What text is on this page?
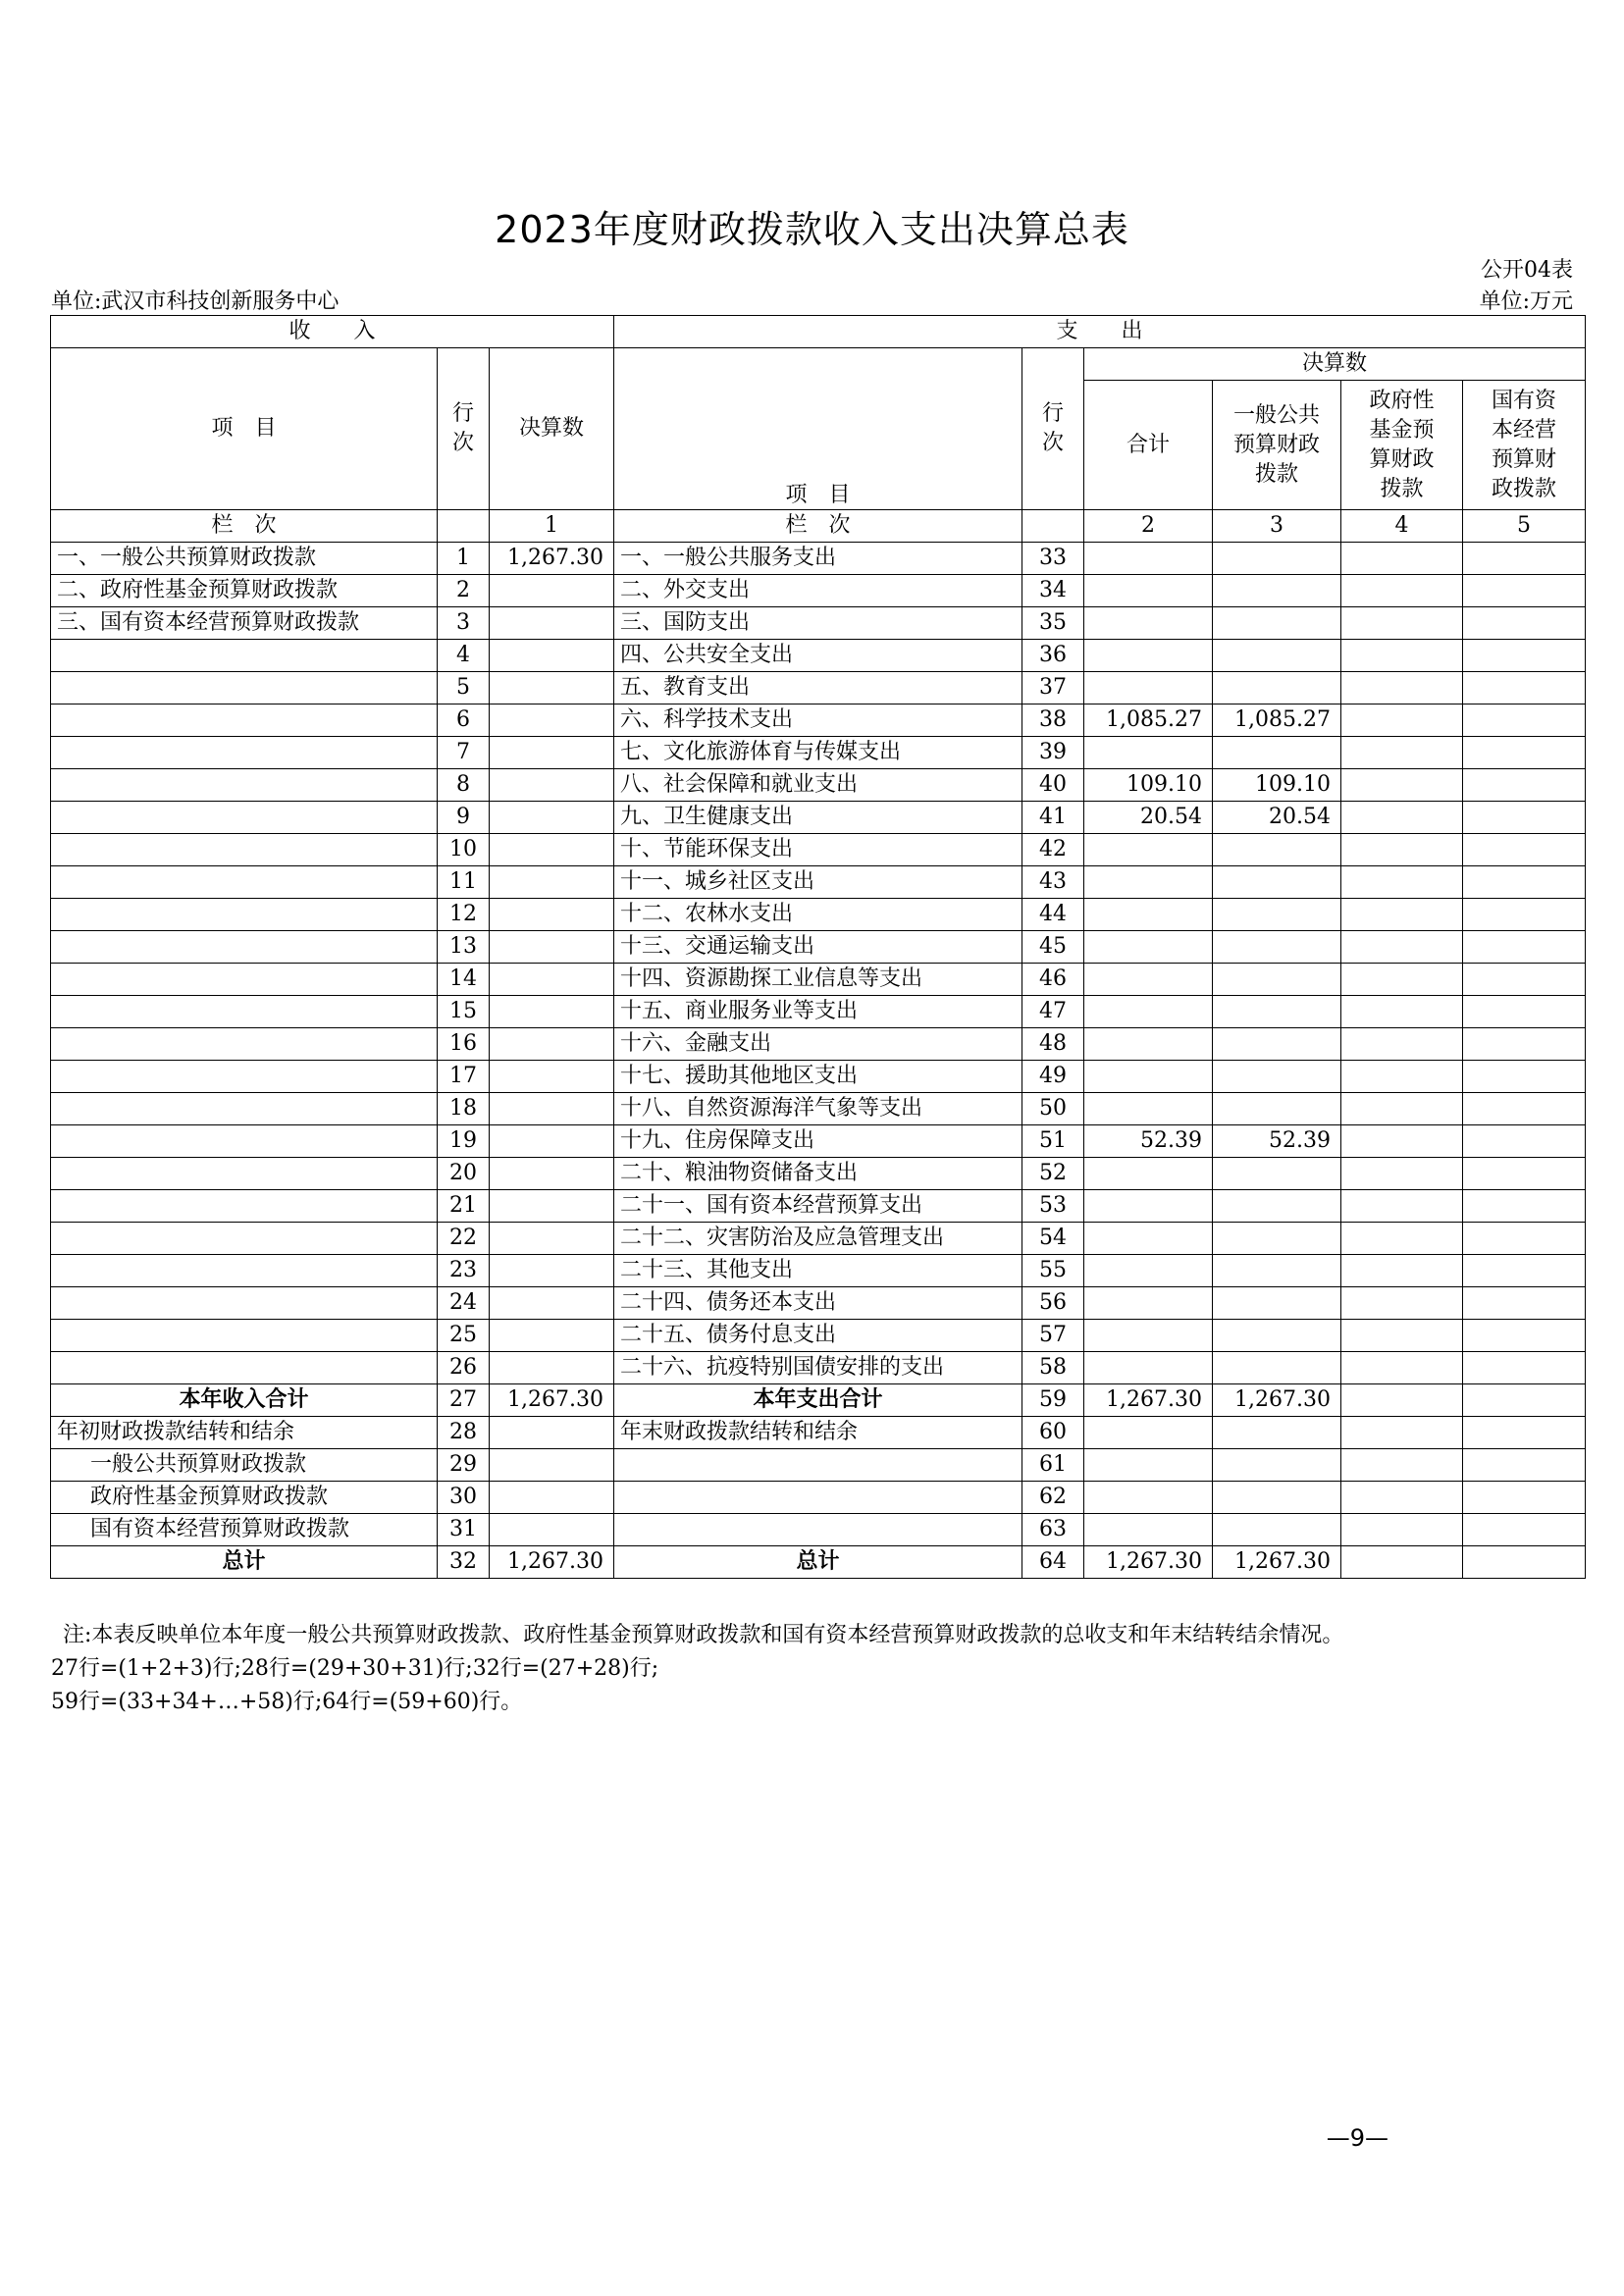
2023年度财政拨款收入支出决算总表
公开04表
单位:武汉市科技创新服务中心	单位:万元
收　　入			支　　出					
项　目	行次	决算数	项　目	行次	决算数			
					合计	一般公共预算财政拨款	政府性基金预算财政拨款	国有资本经营预算财政拨款
栏　次		1	栏　次		2	3	4	5
一、一般公共预算财政拨款	1	1,267.30	一、一般公共服务支出	33				
二、政府性基金预算财政拨款	2		二、外交支出	34				
三、国有资本经营预算财政拨款	3		三、国防支出	35				
	4		四、公共安全支出	36				
	5		五、教育支出	37				
	6		六、科学技术支出	38	1,085.27	1,085.27		
	7		七、文化旅游体育与传媒支出	39				
	8		八、社会保障和就业支出	40	109.10	109.10		
	9		九、卫生健康支出	41	20.54	20.54		
	10		十、节能环保支出	42				
	11		十一、城乡社区支出	43				
	12		十二、农林水支出	44				
	13		十三、交通运输支出	45				
	14		十四、资源勘探工业信息等支出	46				
	15		十五、商业服务业等支出	47				
	16		十六、金融支出	48				
	17		十七、援助其他地区支出	49				
	18		十八、自然资源海洋气象等支出	50				
	19		十九、住房保障支出	51	52.39	52.39		
	20		二十、粮油物资储备支出	52				
	21		二十一、国有资本经营预算支出	53				
	22		二十二、灾害防治及应急管理支出	54				
	23		二十三、其他支出	55				
	24		二十四、债务还本支出	56				
	25		二十五、债务付息支出	57				
	26		二十六、抗疫特别国债安排的支出	58				
本年收入合计	27	1,267.30	本年支出合计	59	1,267.30	1,267.30		
年初财政拨款结转和结余	28		年末财政拨款结转和结余	60				
一般公共预算财政拨款	29			61				
政府性基金预算财政拨款	30			62				
国有资本经营预算财政拨款	31			63				
总计	32	1,267.30	总计	64	1,267.30	1,267.30		
注:本表反映单位本年度一般公共预算财政拨款、政府性基金预算财政拨款和国有资本经营预算财政拨款的总收支和年末结转结余情况。
27行=(1+2+3)行;28行=(29+30+31)行;32行=(27+28)行;
59行=(33+34+…+58)行;64行=(59+60)行。
—9—
